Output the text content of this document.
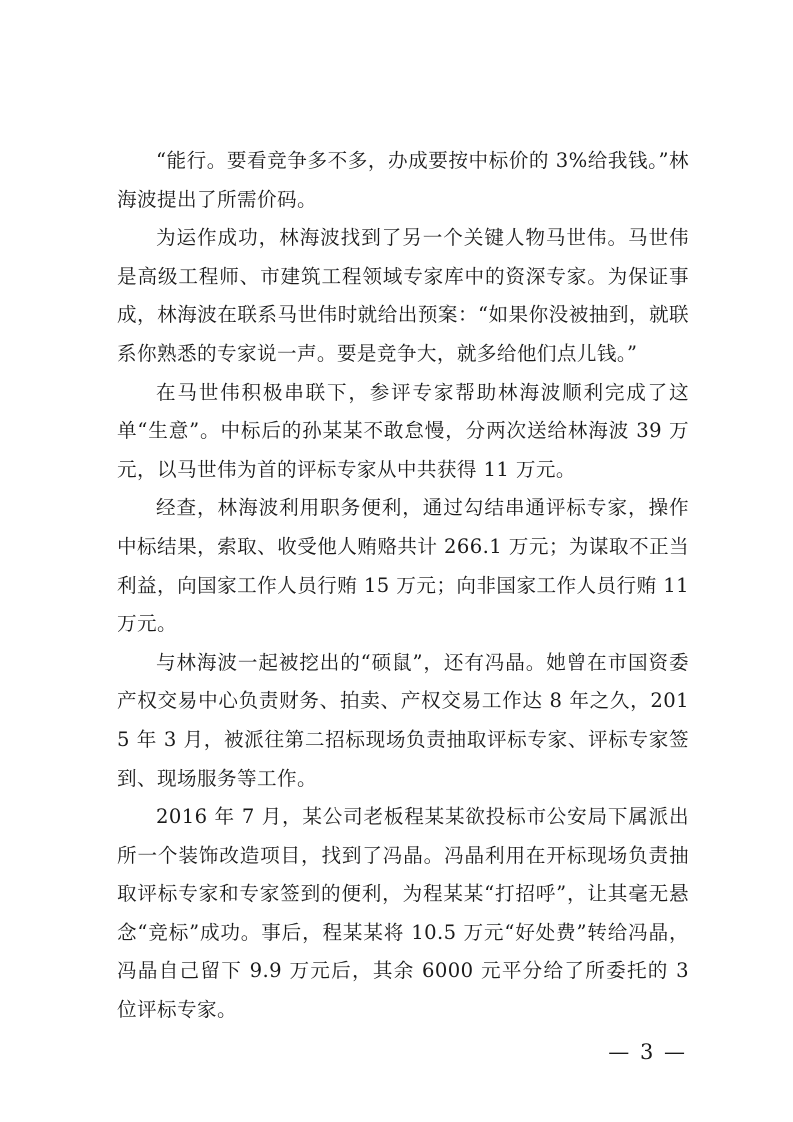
“能行。要看竞争多不多，办成要按中标价的 3%给我钱。”林海波提出了所需价码。

为运作成功，林海波找到了另一个关键人物马世伟。马世伟是高级工程师、市建筑工程领域专家库中的资深专家。为保证事成，林海波在联系马世伟时就给出预案：“如果你没被抽到，就联系你熟悉的专家说一声。要是竞争大，就多给他们点儿钱。”

在马世伟积极串联下，参评专家帮助林海波顺利完成了这单“生意”。中标后的孙某某不敢怠慢，分两次送给林海波 39 万元，以马世伟为首的评标专家从中共获得 11 万元。

经查，林海波利用职务便利，通过勾结串通评标专家，操作中标结果，索取、收受他人贿赂共计 266.1 万元；为谋取不正当利益，向国家工作人员行贿 15 万元；向非国家工作人员行贿 11 万元。

与林海波一起被挖出的“硕鼠”，还有冯晶。她曾在市国资委产权交易中心负责财务、拍卖、产权交易工作达 8 年之久，2015 年 3 月，被派往第二招标现场负责抽取评标专家、评标专家签到、现场服务等工作。

2016 年 7 月，某公司老板程某某欲投标市公安局下属派出所一个装饰改造项目，找到了冯晶。冯晶利用在开标现场负责抽取评标专家和专家签到的便利，为程某某“打招呼”，让其毫无悬念“竞标”成功。事后，程某某将 10.5 万元“好处费”转给冯晶，冯晶自己留下 9.9 万元后，其余 6000 元平分给了所委托的 3 位评标专家。

— 3 —
